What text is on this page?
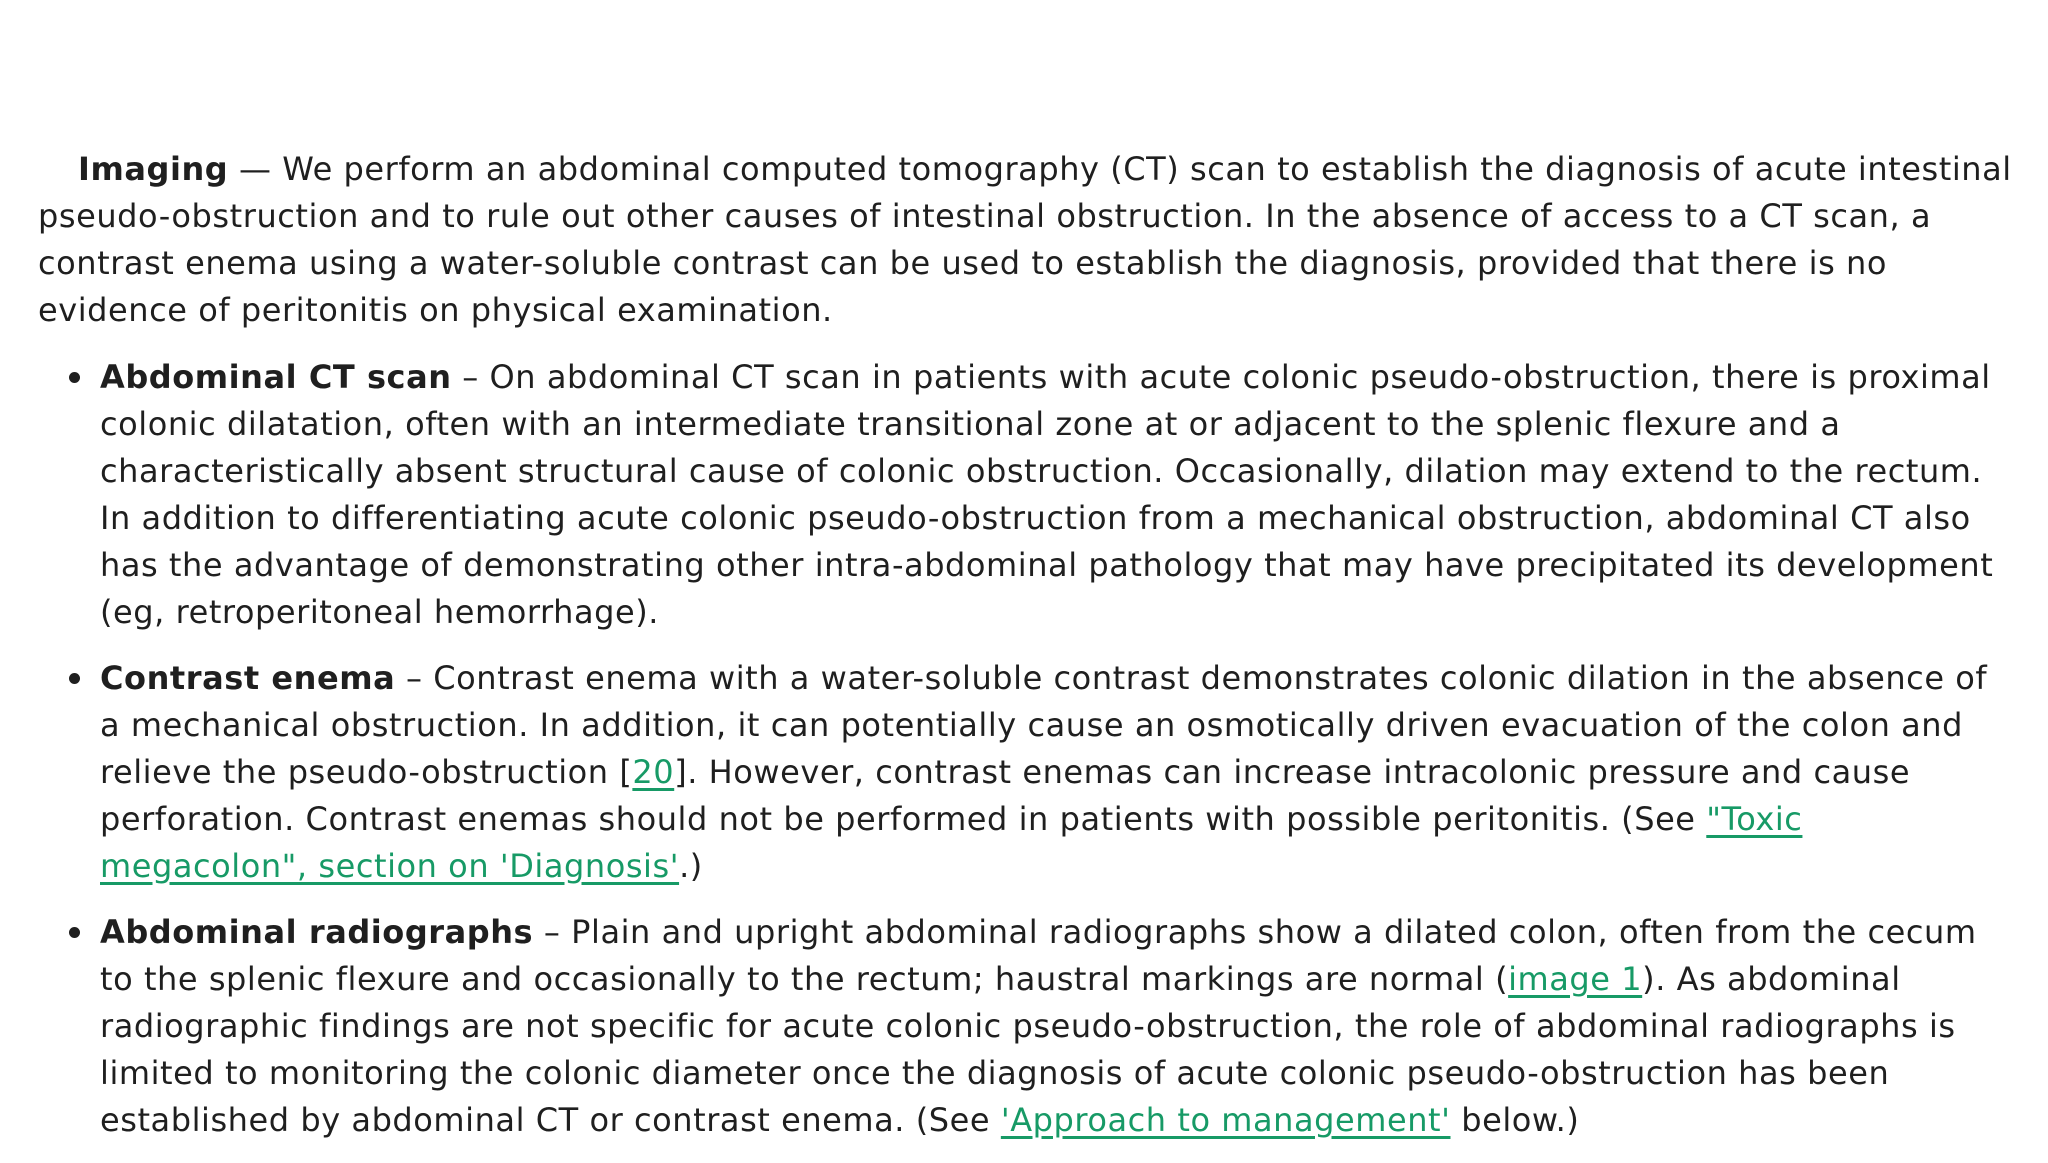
Imaging — We perform an abdominal computed tomography (CT) scan to establish the diagnosis of acute intestinal pseudo-obstruction and to rule out other causes of intestinal obstruction. In the absence of access to a CT scan, a contrast enema using a water-soluble contrast can be used to establish the diagnosis, provided that there is no evidence of peritonitis on physical examination.

Abdominal CT scan – On abdominal CT scan in patients with acute colonic pseudo-obstruction, there is proximal colonic dilatation, often with an intermediate transitional zone at or adjacent to the splenic flexure and a characteristically absent structural cause of colonic obstruction. Occasionally, dilation may extend to the rectum. In addition to differentiating acute colonic pseudo-obstruction from a mechanical obstruction, abdominal CT also has the advantage of demonstrating other intra-abdominal pathology that may have precipitated its development (eg, retroperitoneal hemorrhage).
Contrast enema – Contrast enema with a water-soluble contrast demonstrates colonic dilation in the absence of a mechanical obstruction. In addition, it can potentially cause an osmotically driven evacuation of the colon and relieve the pseudo-obstruction [20]. However, contrast enemas can increase intracolonic pressure and cause perforation. Contrast enemas should not be performed in patients with possible peritonitis. (See "Toxic megacolon", section on 'Diagnosis'.)
Abdominal radiographs – Plain and upright abdominal radiographs show a dilated colon, often from the cecum to the splenic flexure and occasionally to the rectum; haustral markings are normal (image 1). As abdominal radiographic findings are not specific for acute colonic pseudo-obstruction, the role of abdominal radiographs is limited to monitoring the colonic diameter once the diagnosis of acute colonic pseudo-obstruction has been established by abdominal CT or contrast enema. (See 'Approach to management' below.)
